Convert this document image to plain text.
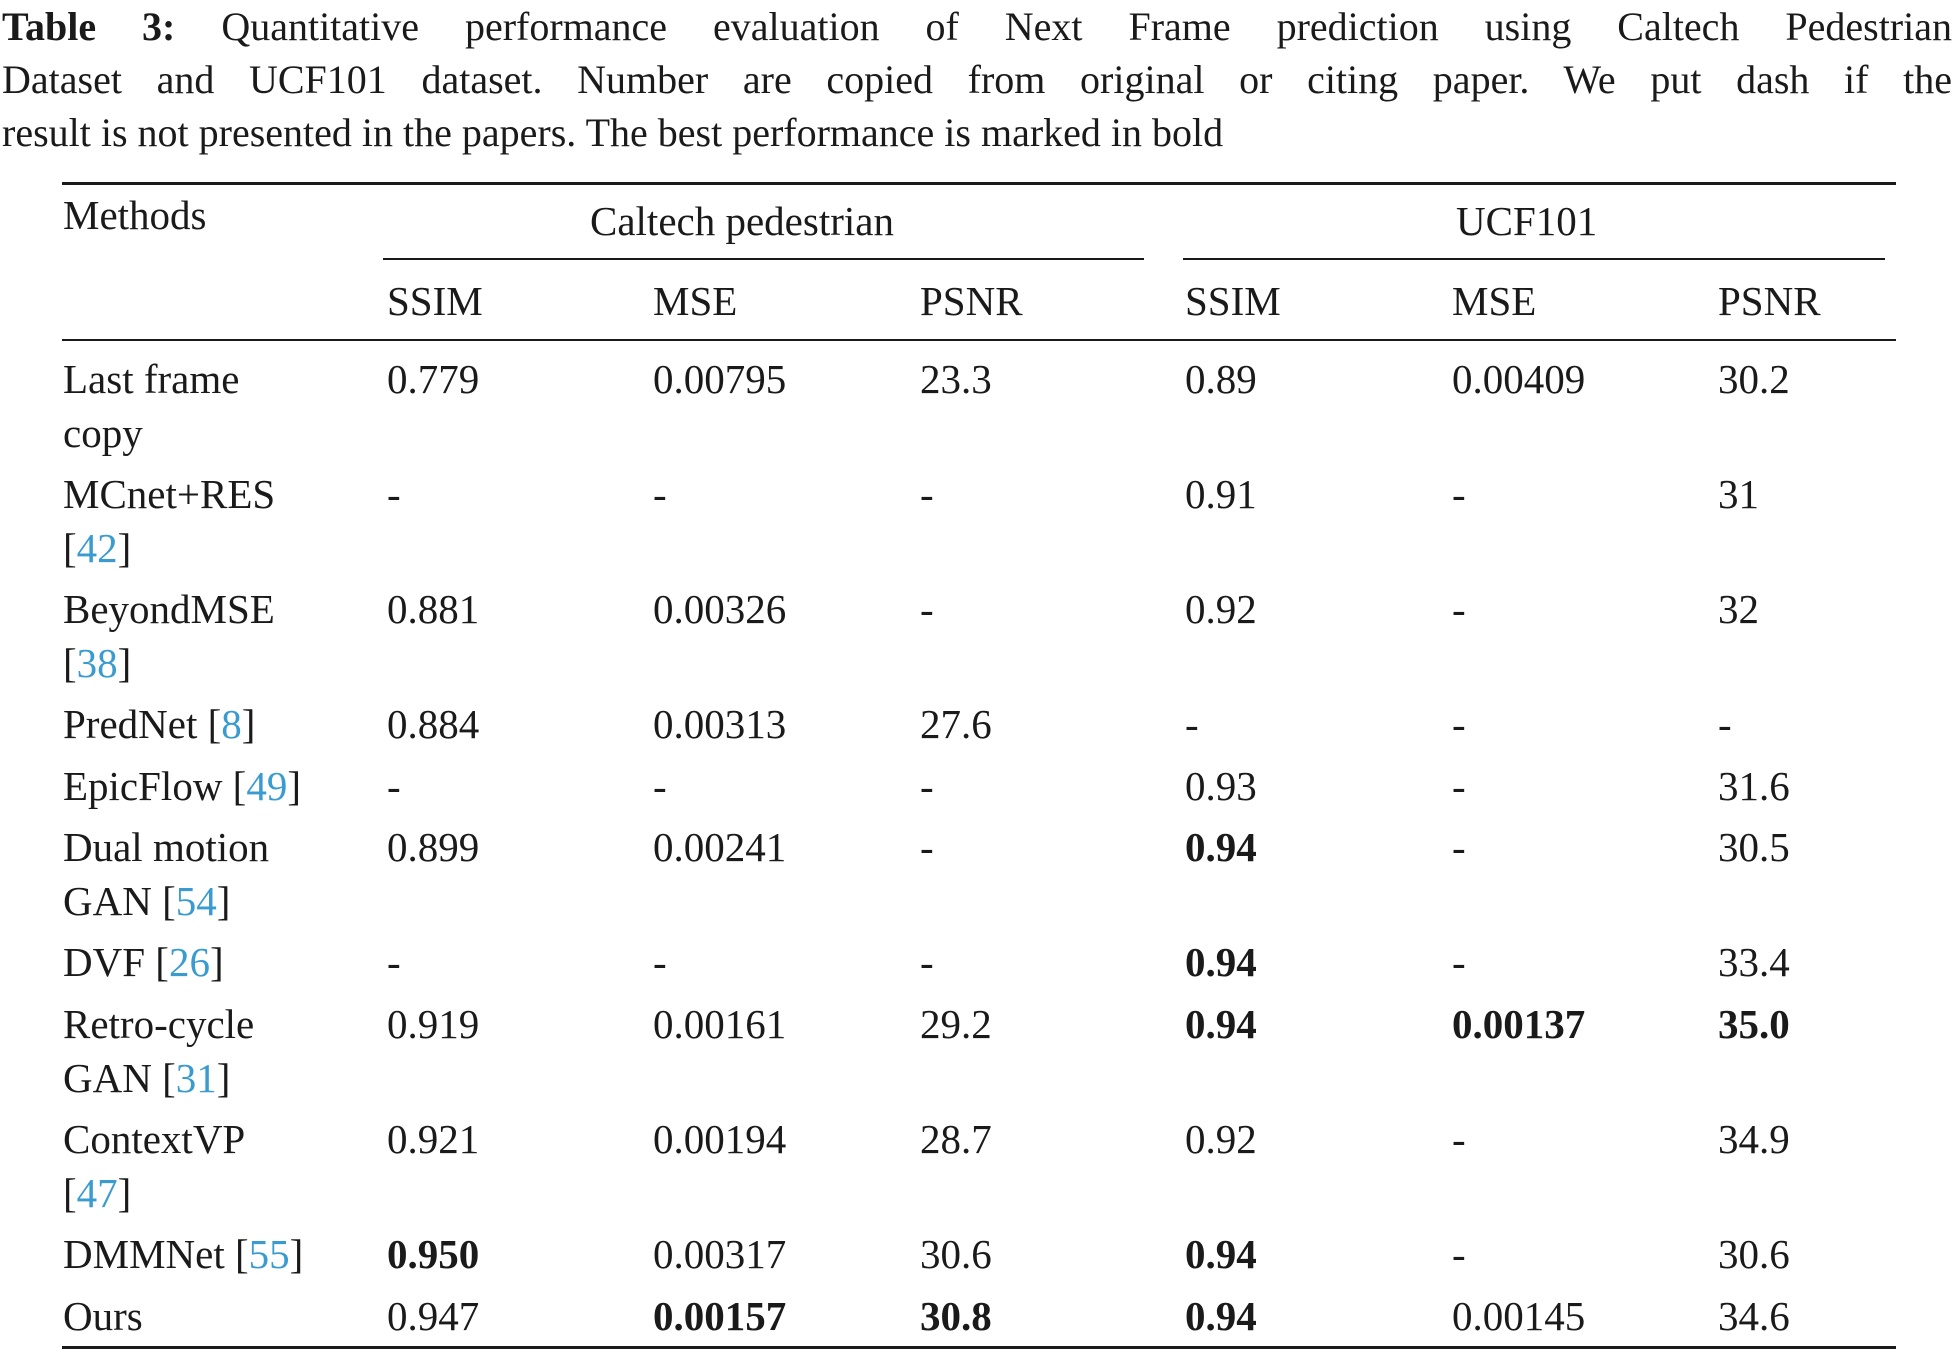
Table 3: Quantitative performance evaluation of Next Frame prediction using Caltech Pedestrian
Dataset and UCF101 dataset. Number are copied from original or citing paper. We put dash if the
result is not presented in the papers. The best performance is marked in bold
Methods	Caltech pedestrian	UCF101
SSIM	MSE	PSNR	SSIM	MSE	PSNR
Last frame
copy
0.779	0.00795	23.3	0.89	0.00409	30.2
MCnet+RES
[42]
-	-	-	0.91	-	31
BeyondMSE
[38]
0.881	0.00326	-	0.92	-	32
PredNet [8]	0.884	0.00313	27.6	-	-	-
EpicFlow [49] -	-	-	0.93	-	31.6
Dual motion
GAN [54]
0.899	0.00241	-	0.94	-	30.5
DVF [26]	-	-	-	0.94	-	33.4
Retro-cycle
GAN [31]
0.919	0.00161	29.2	0.94	0.00137	35.0
ContextVP
[47]
0.921	0.00194	28.7	0.92	-	34.9
DMMNet [55] 0.950	0.00317	30.6	0.94	-	30.6
Ours	0.947	0.00157	30.8	0.94	0.00145	34.6
